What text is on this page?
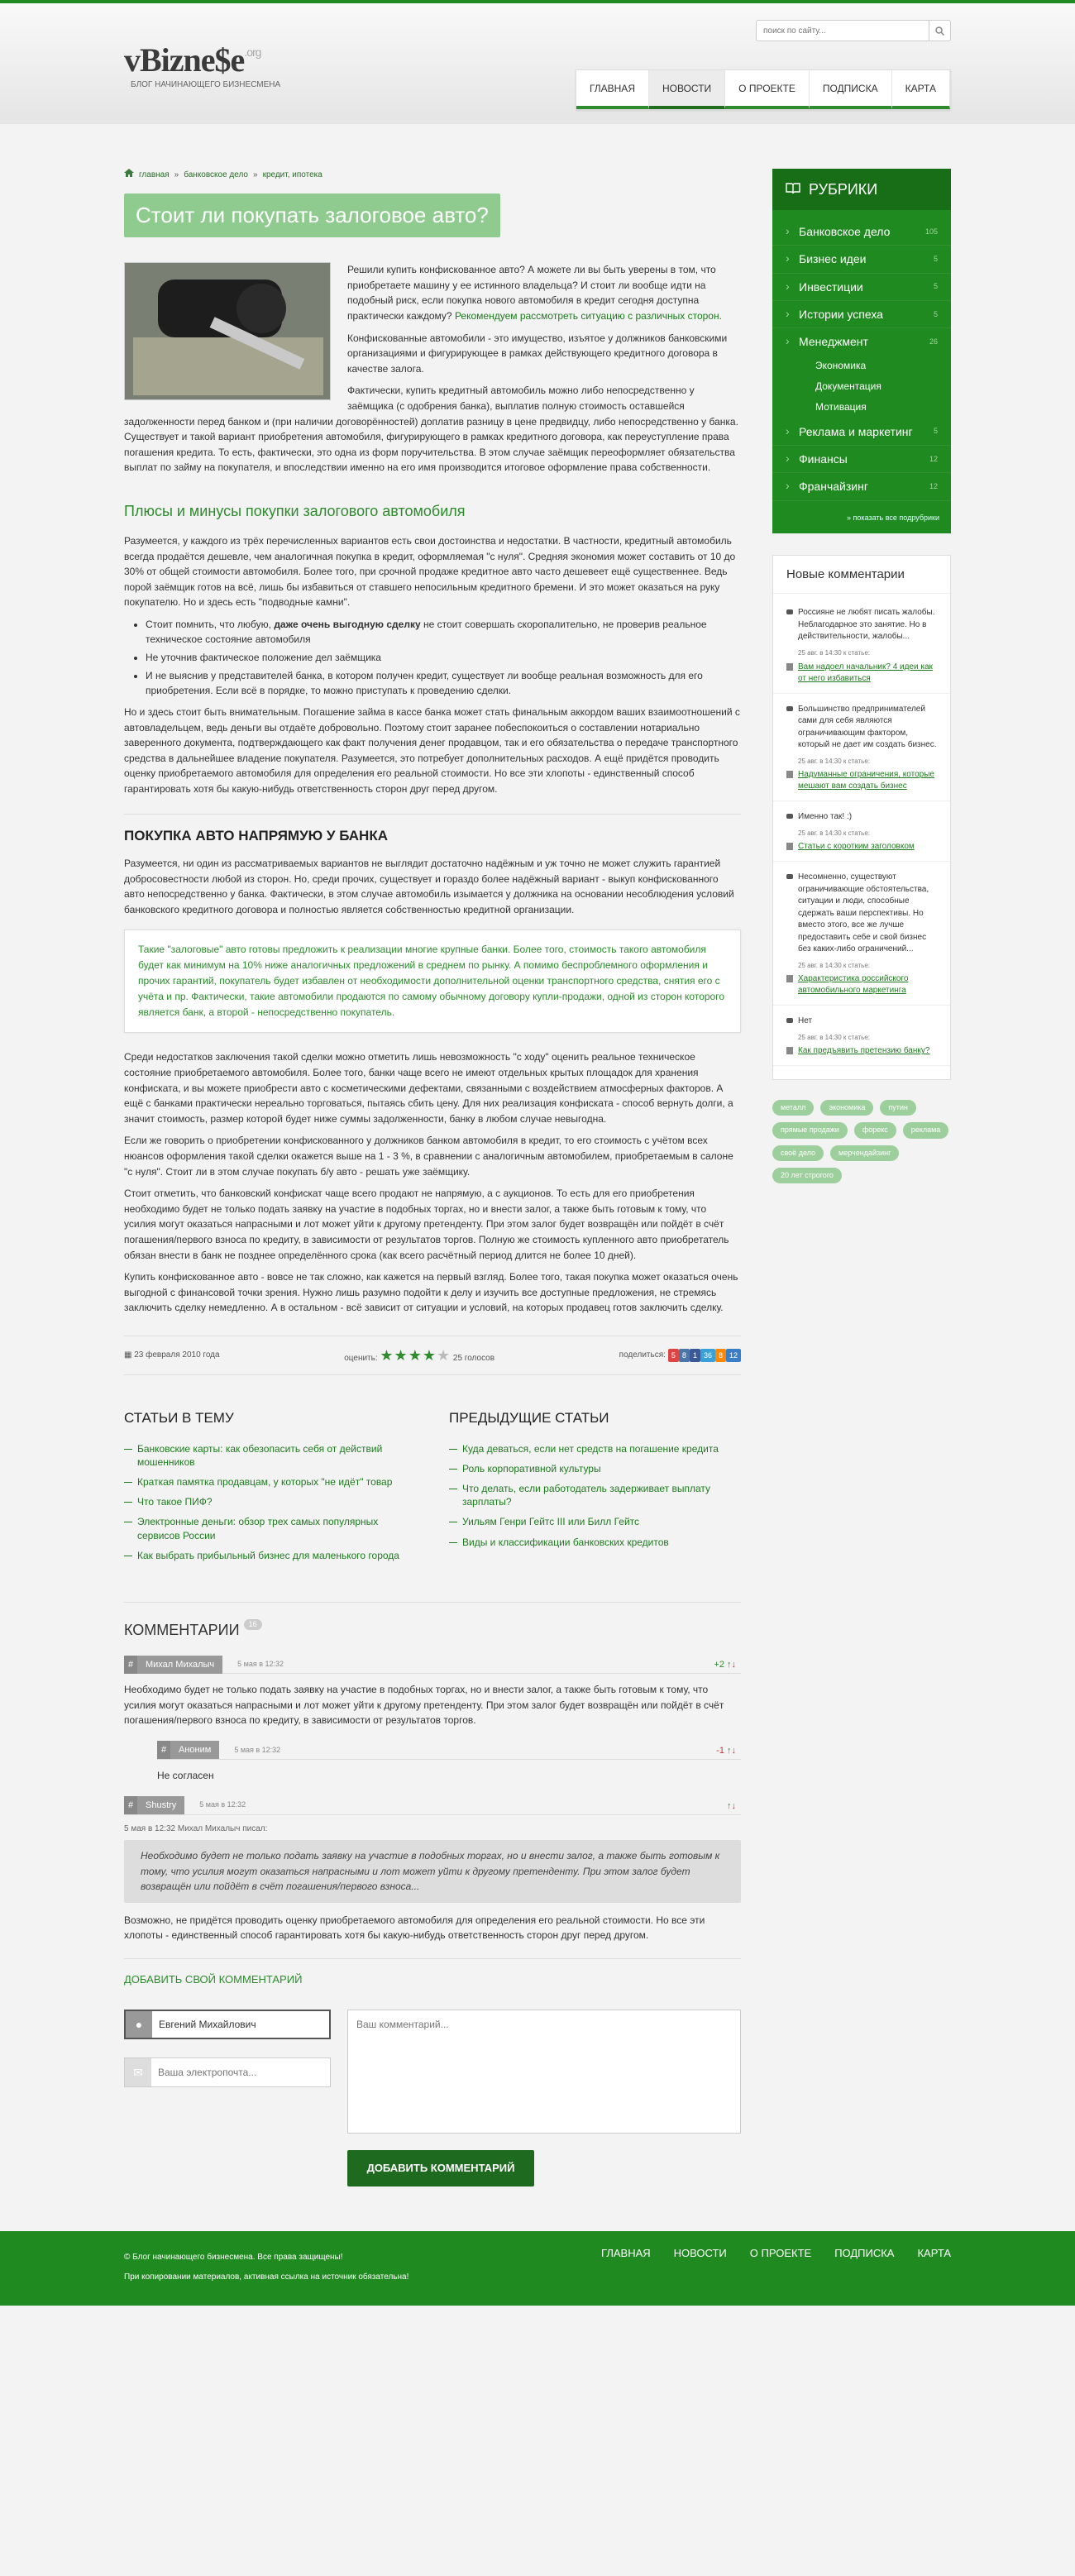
$vBizne\$e^{.org}$
БЛОГ НАЧИНАЮЩЕГО БИЗНЕСМЕНА
поиск по сайту...	ГЛАВНАЯ	НОВОСТИ	О ПРОЕКТЕ	ПОДПИСКА	КАРТА
главная » банковское дело » кредит, ипотека
Стоит ли покупать залоговое авто?

Решили купить конфискованное авто? А можете ли вы быть уверены в том, что приобретаете машину у ее истинного владельца? И стоит ли вообще идти на подобный риск, если покупка нового автомобиля в кредит сегодня доступна практически каждому? Рекомендуем рассмотреть ситуацию с различных сторон.

Конфискованные автомобили - это имущество, изъятое у должников банковскими организациями и фигурирующее в рамках действующего кредитного договора в качестве залога.

Фактически, купить кредитный автомобиль можно либо непосредственно у заёмщика (с одобрения банка), выплатив полную стоимость оставшейся задолженности перед банком и (при наличии договорённостей) доплатив разницу в цене предвидцу, либо непосредственно у банка. Существует и такой вариант приобретения автомобиля, фигурирующего в рамках кредитного договора, как переуступление права погашения кредита. То есть, фактически, это одна из форм поручительства. В этом случае заёмщик переоформляет обязательства выплат по займу на покупателя, и впоследствии именно на его имя производится итоговое оформление права собственности.

Плюсы и минусы покупки залогового автомобиля

Разумеется, у каждого из трёх перечисленных вариантов есть свои достоинства и недостатки. В частности, кредитный автомобиль всегда продаётся дешевле, чем аналогичная покупка в кредит, оформляемая "с нуля". Средняя экономия может составить от 10 до 30% от общей стоимости автомобиля. Более того, при срочной продаже кредитное авто часто дешевеет ещё существеннее. Ведь порой заёмщик готов на всё, лишь бы избавиться от ставшего непосильным кредитного бремени. И это может оказаться на руку покупателю. Но и здесь есть "подводные камни".

• Стоит помнить, что любую, даже очень выгодную сделку не стоит совершать скоропалительно, не проверив реальное техническое состояние автомобиля
• Не уточнив фактическое положение дел заёмщика
• И не выяснив у представителей банка, в котором получен кредит, существует ли вообще реальная возможность для его приобретения. Если всё в порядке, то можно приступать к проведению сделки.

Но и здесь стоит быть внимательным. Погашение займа в кассе банка может стать финальным аккордом ваших взаимоотношений с автовладельцем, ведь деньги вы отдаёте добровольно. Поэтому стоит заранее побеспокоиться о составлении нотариально заверенного документа, подтверждающего как факт получения денег продавцом, так и его обязательства о передаче транспортного средства в дальнейшее владение покупателя. Разумеется, это потребует дополнительных расходов. А ещё придётся проводить оценку приобретаемого автомобиля для определения его реальной стоимости. Но все эти хлопоты - единственный способ гарантировать хотя бы какую-нибудь ответственность сторон друг перед другом.

ПОКУПКА АВТО НАПРЯМУЮ У БАНКА

Разумеется, ни один из рассматриваемых вариантов не выглядит достаточно надёжным и уж точно не может служить гарантией добросовестности любой из сторон. Но, среди прочих, существует и гораздо более надёжный вариант - выкуп конфискованного авто непосредственно у банка. Фактически, в этом случае автомобиль изымается у должника на основании несоблюдения условий банковского кредитного договора и полностью является собственностью кредитной организации.

Такие "залоговые" авто готовы предложить к реализации многие крупные банки. Более того, стоимость такого автомобиля будет как минимум на 10% ниже аналогичных предложений в среднем по рынку. А помимо беспроблемного оформления и прочих гарантий, покупатель будет избавлен от необходимости дополнительной оценки транспортного средства, снятия его с учёта и пр. Фактически, такие автомобили продаются по самому обычному договору купли-продажи, одной из сторон которого является банк, а второй - непосредственно покупатель.

Среди недостатков заключения такой сделки можно отметить лишь невозможность "с ходу" оценить реальное техническое состояние приобретаемого автомобиля. Более того, банки чаще всего не имеют отдельных крытых площадок для хранения конфиската, и вы можете приобрести авто с косметическими дефектами, связанными с воздействием атмосферных факторов. А ещё с банками практически нереально торговаться, пытаясь сбить цену. Для них реализация конфиската - способ вернуть долги, а значит стоимость, размер которой будет ниже суммы задолженности, банку в любом случае невыгодна.

Если же говорить о приобретении конфискованного у должников банком автомобиля в кредит, то его стоимость с учётом всех нюансов оформления такой сделки окажется выше на 1 - 3 %, в сравнении с аналогичным автомобилем, приобретаемым в салоне "с нуля". Стоит ли в этом случае покупать б/у авто - решать уже заёмщику.

Стоит отметить, что банковский конфискат чаще всего продают не напрямую, а с аукционов. То есть для его приобретения необходимо будет не только подать заявку на участие в подобных торгах, но и внести залог, а также быть готовым к тому, что усилия могут оказаться напрасными и лот может уйти к другому претенденту. При этом залог будет возвращён или пойдёт в счёт погашения/первого взноса по кредиту, в зависимости от результатов торгов. Полную же стоимость купленного авто приобретатель обязан внести в банк не позднее определённого срока (как всего расчётный период длится не более 10 дней).

Купить конфискованное авто - вовсе не так сложно, как кажется на первый взгляд. Более того, такая покупка может оказаться очень выгодной с финансовой точки зрения. Нужно лишь разумно подойти к делу и изучить все доступные предложения, не стремясь заключить сделку немедленно. А в остальном - всё зависит от ситуации и условий, на которых продавец готов заключить сделку.

▦ 23 февраля 2010 года	оценить: ★★★★★ 25 голосов	поделиться: 5 8 1 36 8 12
СТАТЬИ В ТЕМУ
Банковские карты: как обезопасить себя от действий мошенников
Краткая памятка продавцам, у которых "не идёт" товар
Что такое ПИФ?
Электронные деньги: обзор трех самых популярных сервисов России
Как выбрать прибыльный бизнес для маленького города
ПРЕДЫДУЩИЕ СТАТЬИ
Куда деваться, если нет средств на погашение кредита
Роль корпоративной культуры
Что делать, если работодатель задерживает выплату зарплаты?
Уильям Генри Гейтс III или Билл Гейтс
Виды и классификации банковских кредитов
КОММЕНТАРИИ 16
#	Михал Михалыч	5 мая в 12:32	+2 ↑↓

Необходимо будет не только подать заявку на участие в подобных торгах, но и внести залог, а также быть готовым к тому, что усилия могут оказаться напрасными и лот может уйти к другому претенденту. При этом залог будет возвращён или пойдёт в счёт погашения/первого взноса по кредиту, в зависимости от результатов торгов.

#	Аноним	5 мая в 12:32	-1 ↑↓

Не согласен

#	Shustry	5 мая в 12:32	↑↓
5 мая в 12:32 Михал Михалыч писал:
Необходимо будет не только подать заявку на участие в подобных торгах, но и внести залог, а также быть готовым к тому, что усилия могут оказаться напрасными и лот может уйти к другому претенденту. При этом залог будет возвращён или пойдёт в счёт погашения/первого взноса...

Возможно, не придётся проводить оценку приобретаемого автомобиля для определения его реальной стоимости. Но все эти хлопоты - единственный способ гарантировать хотя бы какую-нибудь ответственность сторон друг перед другом.

ДОБАВИТЬ СВОЙ КОММЕНТАРИЙ
●
Евгений Михайлович
✉
Ваша электропочта...
Ваш комментарий...
ДОБАВИТЬ КОММЕНТАРИЙ
РУБРИКИ
› Банковское дело	105
› Бизнес идеи	5
› Инвестиции	5
› Истории успеха	5
› Менеджмент	26
Экономика
Документация
Мотивация
› Реклама и маркетинг	5
› Финансы	12
› Франчайзинг	12
» показать все подрубрики
Новые комментарии
Россияне не любят писать жалобы. Неблагодарное это занятие. Но в действительности, жалобы...
25 авг. в 14:30 к статье:
Вам надоел начальник? 4 идеи как от него избавиться
Большинство предпринимателей сами для себя являются ограничивающим фактором, который не дает им создать бизнес.
25 авг. в 14:30 к статье:
Надуманные ограничения, которые мешают вам создать бизнес
Именно так! :)
25 авг. в 14:30 к статье:
Статьи с коротким заголовком
Несомненно, существуют ограничивающие обстоятельства, ситуации и люди, способные сдержать ваши перспективы. Но вместо этого, все же лучше предоставить себе и свой бизнес без каких-либо ограничений...
25 авг. в 14:30 к статье:
Характеристика российского автомобильного маркетинга
Нет
25 авг. в 14:30 к статье:
Как предъявить претензию банку?
металл	экономика	путин
прямые продажи	форекс	реклама
своё дело	мерчендайзинг
20 лет строгого
© Блог начинающего бизнесмена. Все права защищены!
При копировании материалов, активная ссылка на источник обязательна!
ГЛАВНАЯ НОВОСТИ О ПРОЕКТЕ ПОДПИСКА КАРТА
